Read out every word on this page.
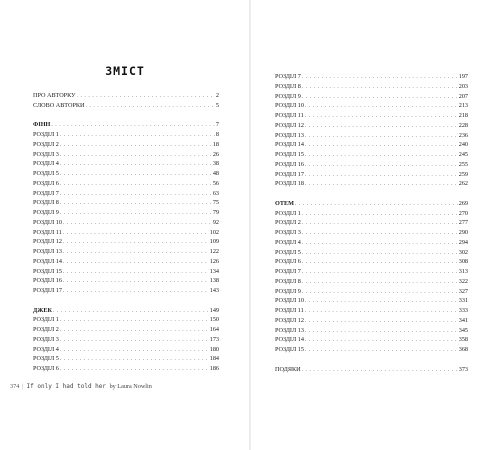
ЗМІСТ
ПРО АВТОРКУ . . .	2
СЛОВО АВТОРКИ . . .	5
ФІНН . . .	7
РОЗДІЛ 1 . . .	8
РОЗДІЛ 2 . . .	18
РОЗДІЛ 3 . . .	26
РОЗДІЛ 4 . . .	38
РОЗДІЛ 5 . . .	48
РОЗДІЛ 6 . . .	56
РОЗДІЛ 7 . . .	63
РОЗДІЛ 8 . . .	75
РОЗДІЛ 9 . . .	79
РОЗДІЛ 10 . . .	92
РОЗДІЛ 11 . . .	102
РОЗДІЛ 12 . . .	109
РОЗДІЛ 13 . . .	122
РОЗДІЛ 14 . . .	126
РОЗДІЛ 15 . . .	134
РОЗДІЛ 16 . . .	138
РОЗДІЛ 17 . . .	143
ДЖЕК . . .	149
РОЗДІЛ 1 . . .	150
РОЗДІЛ 2 . . .	164
РОЗДІЛ 3 . . .	173
РОЗДІЛ 4 . . .	180
РОЗДІЛ 5 . . .	184
РОЗДІЛ 6 . . .	186
374 | If only I had told her by Laura Nowlin
РОЗДІЛ 7 . . .	197
РОЗДІЛ 8 . . .	203
РОЗДІЛ 9 . . .	207
РОЗДІЛ 10 . . .	213
РОЗДІЛ 11 . . .	218
РОЗДІЛ 12 . . .	228
РОЗДІЛ 13 . . .	236
РОЗДІЛ 14 . . .	240
РОЗДІЛ 15 . . .	245
РОЗДІЛ 16 . . .	255
РОЗДІЛ 17 . . .	259
РОЗДІЛ 18 . . .	262
ОТЕМ . . .	269
РОЗДІЛ 1 . . .	270
РОЗДІЛ 2 . . .	277
РОЗДІЛ 3 . . .	290
РОЗДІЛ 4 . . .	294
РОЗДІЛ 5 . . .	302
РОЗДІЛ 6 . . .	308
РОЗДІЛ 7 . . .	313
РОЗДІЛ 8 . . .	322
РОЗДІЛ 9 . . .	327
РОЗДІЛ 10 . . .	331
РОЗДІЛ 11 . . .	333
РОЗДІЛ 12 . . .	341
РОЗДІЛ 13 . . .	345
РОЗДІЛ 14 . . .	358
РОЗДІЛ 15 . . .	368
ПОДЯКИ . . .	373
